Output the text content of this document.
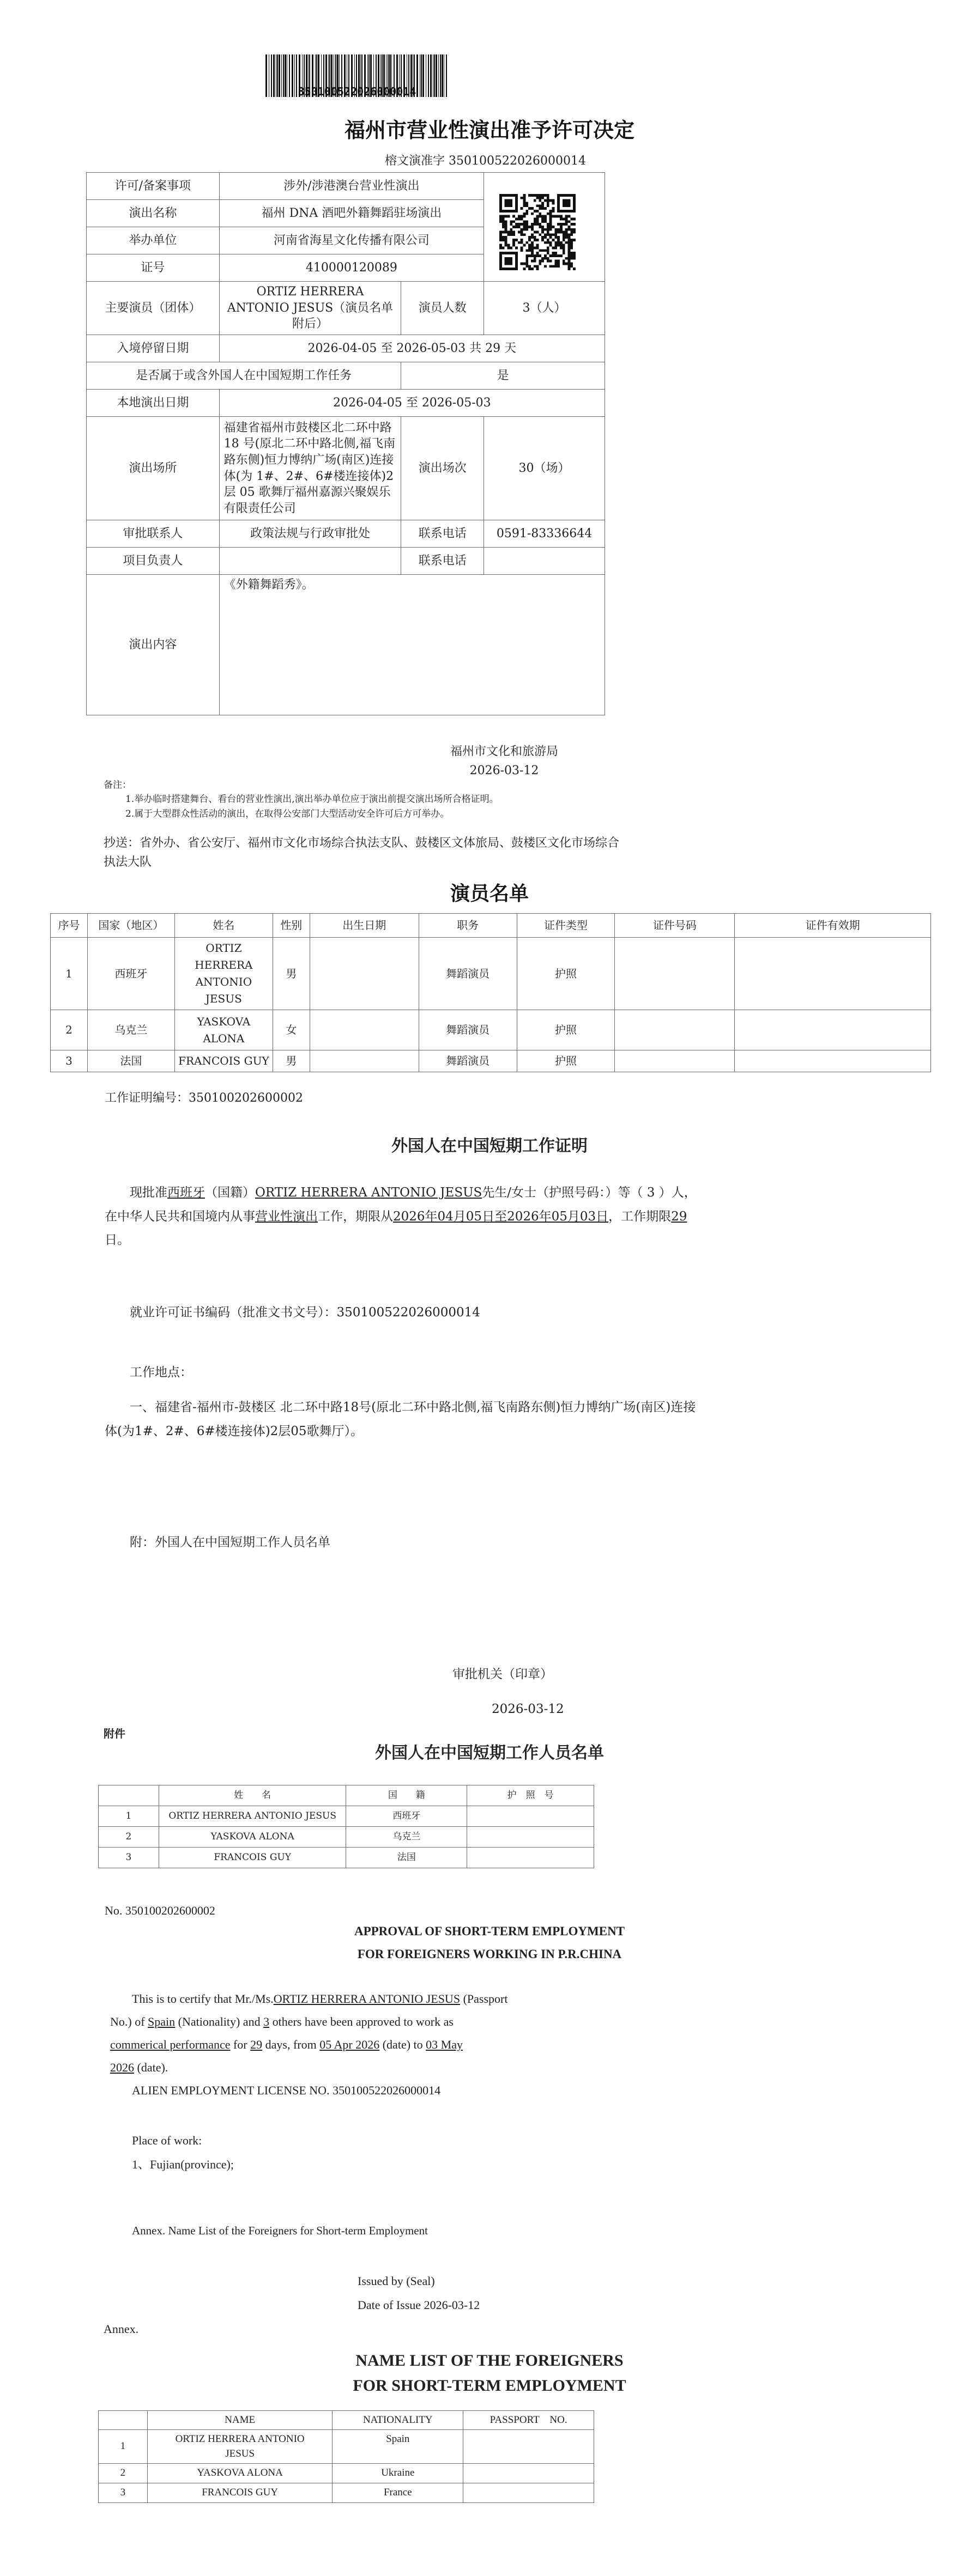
350100522026000014
福州市营业性演出准予许可决定
榕文演准字 350100522026000014
许可/备案事项	涉外/涉港澳台营业性演出		
演出名称	福州 DNA 酒吧外籍舞蹈驻场演出		
举办单位	河南省海星文化传播有限公司		
证号	410000120089		
主要演员（团体）	ORTIZ HERRERA ANTONIO JESUS（演员名单附后）	演员人数	3（人）
入境停留日期	2026-04-05 至 2026-05-03 共 29 天		
是否属于或含外国人在中国短期工作任务		是	
本地演出日期	2026-04-05 至 2026-05-03		
演出场所	福建省福州市鼓楼区北二环中路 18 号(原北二环中路北侧,福飞南路东侧)恒力博纳广场(南区)连接体(为 1#、2#、6#楼连接体)2 层 05 歌舞厅福州嘉源兴聚娱乐有限责任公司	演出场次	30（场）
审批联系人	政策法规与行政审批处	联系电话	0591-83336644
项目负责人		联系电话	
演出内容	《外籍舞蹈秀》。		
福州市文化和旅游局
2026-03-12
备注：
1.举办临时搭建舞台、看台的营业性演出,演出举办单位应于演出前提交演出场所合格证明。
2.属于大型群众性活动的演出，在取得公安部门大型活动安全许可后方可举办。
抄送：省外办、省公安厅、福州市文化市场综合执法支队、鼓楼区文体旅局、鼓楼区文化市场综合执法大队
演员名单
序号	国家（地区）	姓名	性别	出生日期	职务	证件类型	证件号码	证件有效期
1	西班牙	ORTIZ HERRERA
ANTONIO JESUS	男		舞蹈演员	护照		
2	乌克兰	YASKOVA
ALONA	女		舞蹈演员	护照		
3	法国	FRANCOIS GUY	男		舞蹈演员	护照		
工作证明编号：350100202600002
外国人在中国短期工作证明
现批准西班牙（国籍）ORTIZ HERRERA ANTONIO JESUS先生/女士（护照号码：）等（ 3 ）人，在中华人民共和国境内从事营业性演出工作，期限从2026年04月05日至2026年05月03日，工作期限29日。
就业许可证书编码（批准文书文号）：350100522026000014
工作地点：
一、福建省-福州市-鼓楼区 北二环中路18号(原北二环中路北侧,福飞南路东侧)恒力博纳广场(南区)连接体(为1#、2#、6#楼连接体)2层05歌舞厅）。
附：外国人在中国短期工作人员名单
审批机关（印章）
2026-03-12
附件
外国人在中国短期工作人员名单
	姓　　名	国　　籍	护　照　号
1	ORTIZ HERRERA ANTONIO JESUS	西班牙	
2	YASKOVA ALONA	乌克兰	
3	FRANCOIS GUY	法国	
No. 350100202600002
APPROVAL OF SHORT-TERM EMPLOYMENT
FOR FOREIGNERS WORKING IN P.R.CHINA
This is to certify that Mr./Ms.ORTIZ HERRERA ANTONIO JESUS (Passport
No.) of Spain (Nationality) and 3 others have been approved to work as
commerical performance for 29 days, from 05 Apr 2026 (date) to 03 May
2026 (date).
ALIEN EMPLOYMENT LICENSE NO. 350100522026000014
Place of work:
1、Fujian(province);
Annex. Name List of the Foreigners for Short-term Employment
Issued by (Seal)
Date of Issue 2026-03-12
Annex.
NAME LIST OF THE FOREIGNERS
FOR SHORT-TERM EMPLOYMENT
	NAME	NATIONALITY	PASSPORT　NO.
1	ORTIZ HERRERA ANTONIO
JESUS	Spain	
2	YASKOVA ALONA	Ukraine	
3	FRANCOIS GUY	France	
